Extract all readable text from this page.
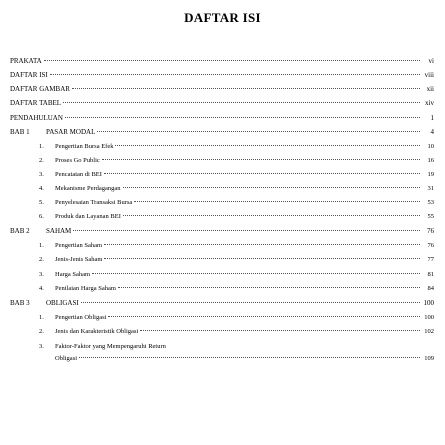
DAFTAR ISI
PRAKATA	vi
DAFTAR ISI	viii
DAFTAR GAMBAR	xii
DAFTAR TABEL	xiv
PENDAHULUAN	1
BAB 1	PASAR MODAL	4
1.	Pengertian Bursa Efek	10
2.	Proses Go Public	16
3.	Pencatatan di BEI	19
4.	Mekanisme Perdagangan	31
5.	Penyelesaian Transaksi Bursa	53
6.	Produk dan Layanan BEI	55
BAB 2	SAHAM	76
1.	Pengertian Saham	76
2.	Jenis-Jenis Saham	77
3.	Harga Saham	81
4.	Penilaian Harga Saham	84
BAB 3	OBLIGASI	100
1.	Pengertian Obligasi	100
2.	Jenis dan Karakteristik Obligasi	102
3.	Faktor-Faktor yang Mempengaruhi Return
Obligasi	109
